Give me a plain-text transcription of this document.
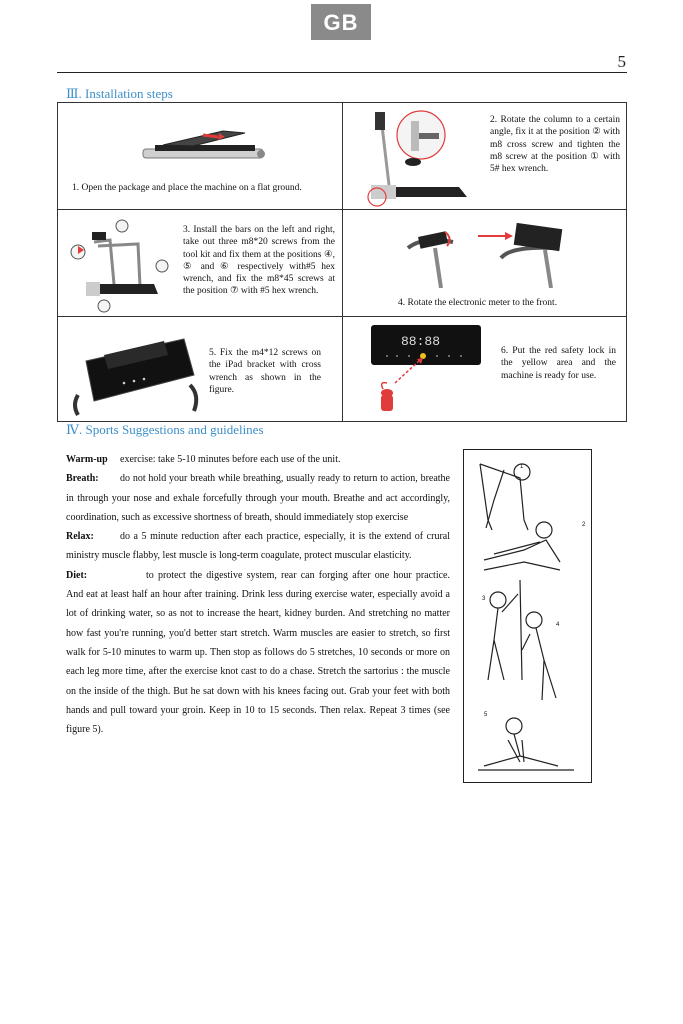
GB
5
Ⅲ. Installation steps
1. Open the package and place the machine on a flat ground.
2. Rotate the column to a certain angle, fix it at the position ② with m8 cross screw and tighten the m8 screw at the position ① with 5# hex wrench.
3. Install the bars on the left and right, take out three m8*20 screws from the tool kit and fix them at the positions ④, ⑤ and ⑥ respectively with#5 hex wrench, and fix the m8*45 screws at the position ⑦ with #5 hex wrench.
4. Rotate the electronic meter to the front.
5. Fix the m4*12 screws on the iPad bracket with cross wrench as shown in the figure.
88:88
6. Put the red safety lock in the yellow area and the machine is ready for use.
Ⅳ. Sports Suggestions and guidelines

Warm-up exercise: take 5-10 minutes before each use of the unit.

Breath: do not hold your breath while breathing, usually ready to return to action, breathe in through your nose and exhale forcefully through your mouth. Breathe and act accordingly, coordination, such as excessive shortness of breath, should immediately stop exercise

Relax:	do a 5 minute reduction after each practice, especially, it is the extend of crural ministry muscle flabby, lest muscle is long-term coagulate, protect muscular elasticity.

Diet:	to protect the digestive system, rear can forging after one hour practice. And eat at least half an hour after training. Drink less during exercise water, especially avoid a lot of drinking water, so as not to increase the heart, kidney burden. And stretching no matter how fast you're running, you'd better start stretch. Warm muscles are easier to stretch, so first walk for 5-10 minutes to warm up. Then stop as follows do 5 stretches, 10 seconds or more on each leg more time, after the exercise knot cast to do a chase. Stretch the sartorius : the muscle on the inside of the thigh. But he sat down with his knees facing out. Grab your feet with both hands and pull toward your groin. Keep in 10 to 15 seconds. Then relax. Repeat 3 times (see figure 5).

1
2
3
4
5
